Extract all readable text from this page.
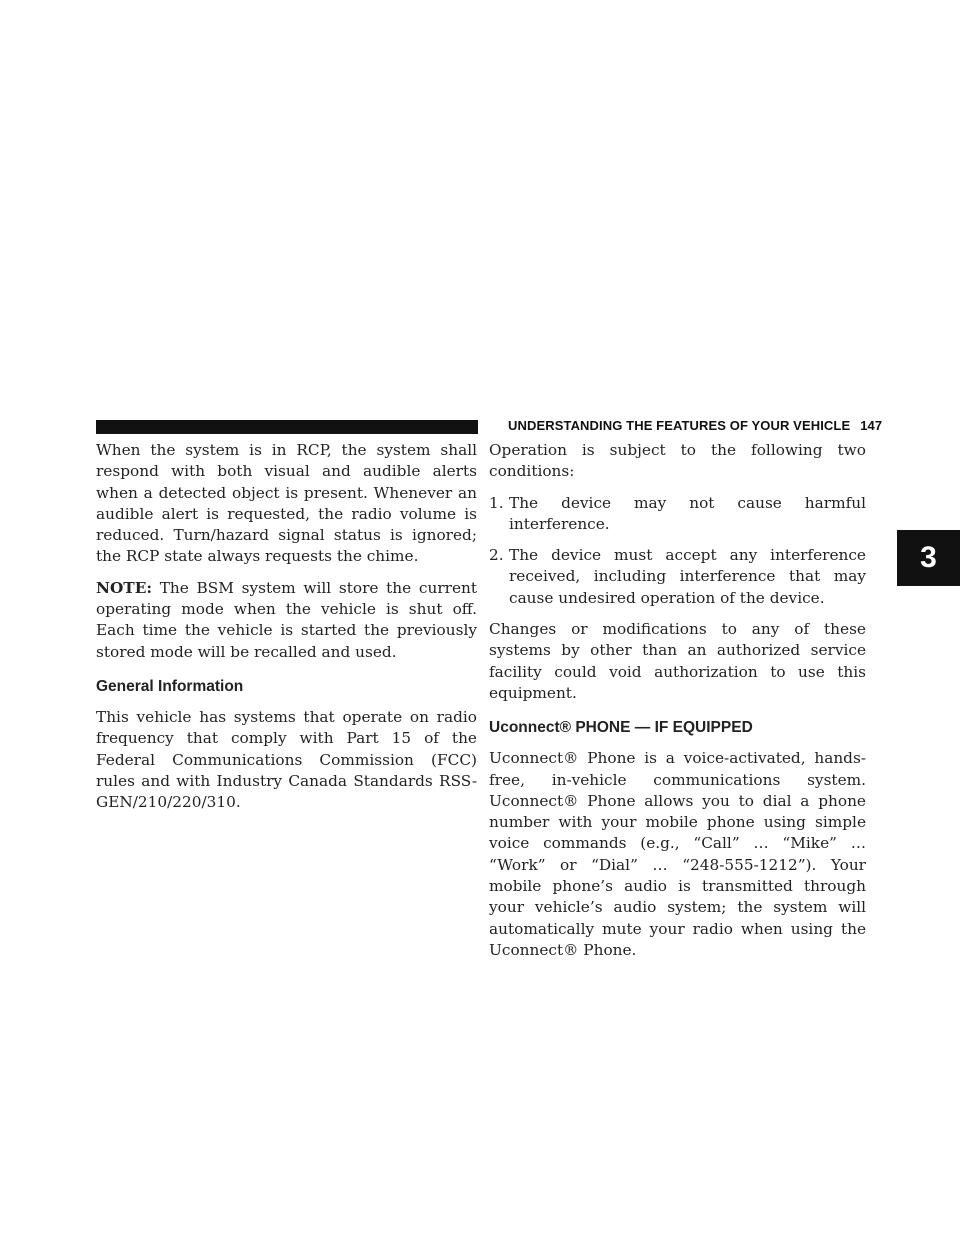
UNDERSTANDING THE FEATURES OF YOUR VEHICLE 147
3

When the system is in RCP, the system shall respond with both visual and audible alerts when a detected object is present. Whenever an audible alert is requested, the radio volume is reduced. Turn/hazard signal status is ignored; the RCP state always requests the chime.

NOTE: The BSM system will store the current operating mode when the vehicle is shut off. Each time the vehicle is started the previously stored mode will be recalled and used.

General Information

This vehicle has systems that operate on radio frequency that comply with Part 15 of the Federal Communications Commission (FCC) rules and with Industry Canada Standards RSS- GEN/210/220/310.

Operation is subject to the following two conditions:

1. The device may not cause harmful interference.
2. The device must accept any interference received, including interference that may cause undesired operation of the device.

Changes or modifications to any of these systems by other than an authorized service facility could void authorization to use this equipment.

Uconnect® PHONE — IF EQUIPPED

Uconnect® Phone is a voice-activated, hands-free, in-vehicle communications system. Uconnect® Phone allows you to dial a phone number with your mobile phone using simple voice commands (e.g., “Call” … “Mike” … “Work” or “Dial” … “248-555-1212”). Your mobile phone’s audio is transmitted through your vehicle’s audio system; the system will automatically mute your radio when using the Uconnect® Phone.
